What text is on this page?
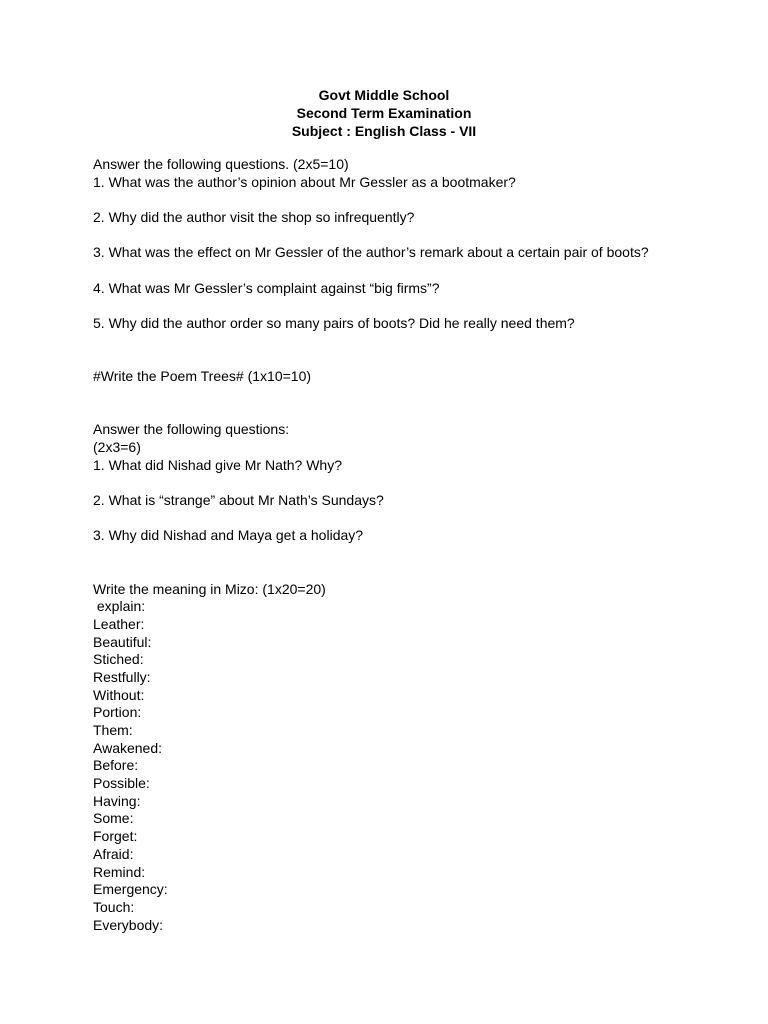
Govt Middle School
Second Term Examination
Subject : English Class - VII
Answer the following questions. (2x5=10)
1. What was the author’s opinion about Mr Gessler as a bootmaker?
2. Why did the author visit the shop so infrequently?
3. What was the effect on Mr Gessler of the author’s remark about a certain pair of boots?
4. What was Mr Gessler’s complaint against “big firms”?
5. Why did the author order so many pairs of boots? Did he really need them?
#Write the Poem Trees# (1x10=10)
Answer the following questions:
(2x3=6)
1. What did Nishad give Mr Nath? Why?
2. What is “strange” about Mr Nath’s Sundays?
3. Why did Nishad and Maya get a holiday?
Write the meaning in Mizo: (1x20=20)
explain:
Leather:
Beautiful:
Stiched:
Restfully:
Without:
Portion:
Them:
Awakened:
Before:
Possible:
Having:
Some:
Forget:
Afraid:
Remind:
Emergency:
Touch:
Everybody:
